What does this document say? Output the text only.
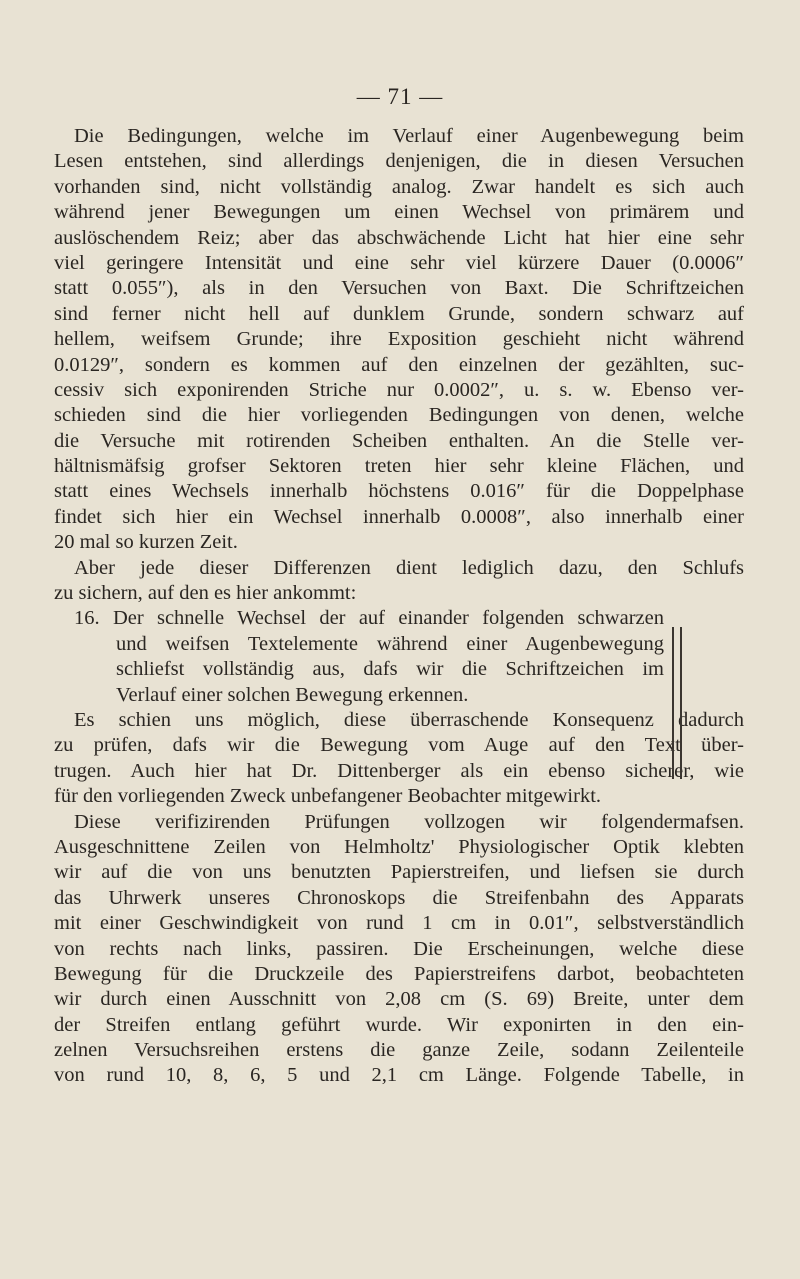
— 71 —
Die Bedingungen, welche im Verlauf einer Augenbewegung beim
Lesen entstehen, sind allerdings denjenigen, die in diesen Versuchen
vorhanden sind, nicht vollständig analog. Zwar handelt es sich auch
während jener Bewegungen um einen Wechsel von primärem und
auslöschendem Reiz; aber das abschwächende Licht hat hier eine sehr
viel geringere Intensität und eine sehr viel kürzere Dauer (0.0006″
statt 0.055″), als in den Versuchen von Baxt. Die Schriftzeichen
sind ferner nicht hell auf dunklem Grunde, sondern schwarz auf
hellem, weifsem Grunde; ihre Exposition geschieht nicht während
0.0129″, sondern es kommen auf den einzelnen der gezählten, suc-
cessiv sich exponirenden Striche nur 0.0002″, u. s. w. Ebenso ver-
schieden sind die hier vorliegenden Bedingungen von denen, welche
die Versuche mit rotirenden Scheiben enthalten. An die Stelle ver-
hältnismäfsig grofser Sektoren treten hier sehr kleine Flächen, und
statt eines Wechsels innerhalb höchstens 0.016″ für die Doppelphase
findet sich hier ein Wechsel innerhalb 0.0008″, also innerhalb einer
20 mal so kurzen Zeit.
Aber jede dieser Differenzen dient lediglich dazu, den Schlufs
zu sichern, auf den es hier ankommt:
16. Der schnelle Wechsel der auf einander folgenden schwarzen
und weifsen Textelemente während einer Augenbewegung
schliefst vollständig aus, dafs wir die Schriftzeichen im
Verlauf einer solchen Bewegung erkennen.
Es schien uns möglich, diese überraschende Konsequenz dadurch
zu prüfen, dafs wir die Bewegung vom Auge auf den Text über-
trugen. Auch hier hat Dr. Dittenberger als ein ebenso sicherer, wie
für den vorliegenden Zweck unbefangener Beobachter mitgewirkt.
Diese verifizirenden Prüfungen vollzogen wir folgendermafsen.
Ausgeschnittene Zeilen von Helmholtz' Physiologischer Optik klebten
wir auf die von uns benutzten Papierstreifen, und liefsen sie durch
das Uhrwerk unseres Chronoskops die Streifenbahn des Apparats
mit einer Geschwindigkeit von rund 1 cm in 0.01″, selbstverständlich
von rechts nach links, passiren. Die Erscheinungen, welche diese
Bewegung für die Druckzeile des Papierstreifens darbot, beobachteten
wir durch einen Ausschnitt von 2,08 cm (S. 69) Breite, unter dem
der Streifen entlang geführt wurde. Wir exponirten in den ein-
zelnen Versuchsreihen erstens die ganze Zeile, sodann Zeilenteile
von rund 10, 8, 6, 5 und 2,1 cm Länge. Folgende Tabelle, in
